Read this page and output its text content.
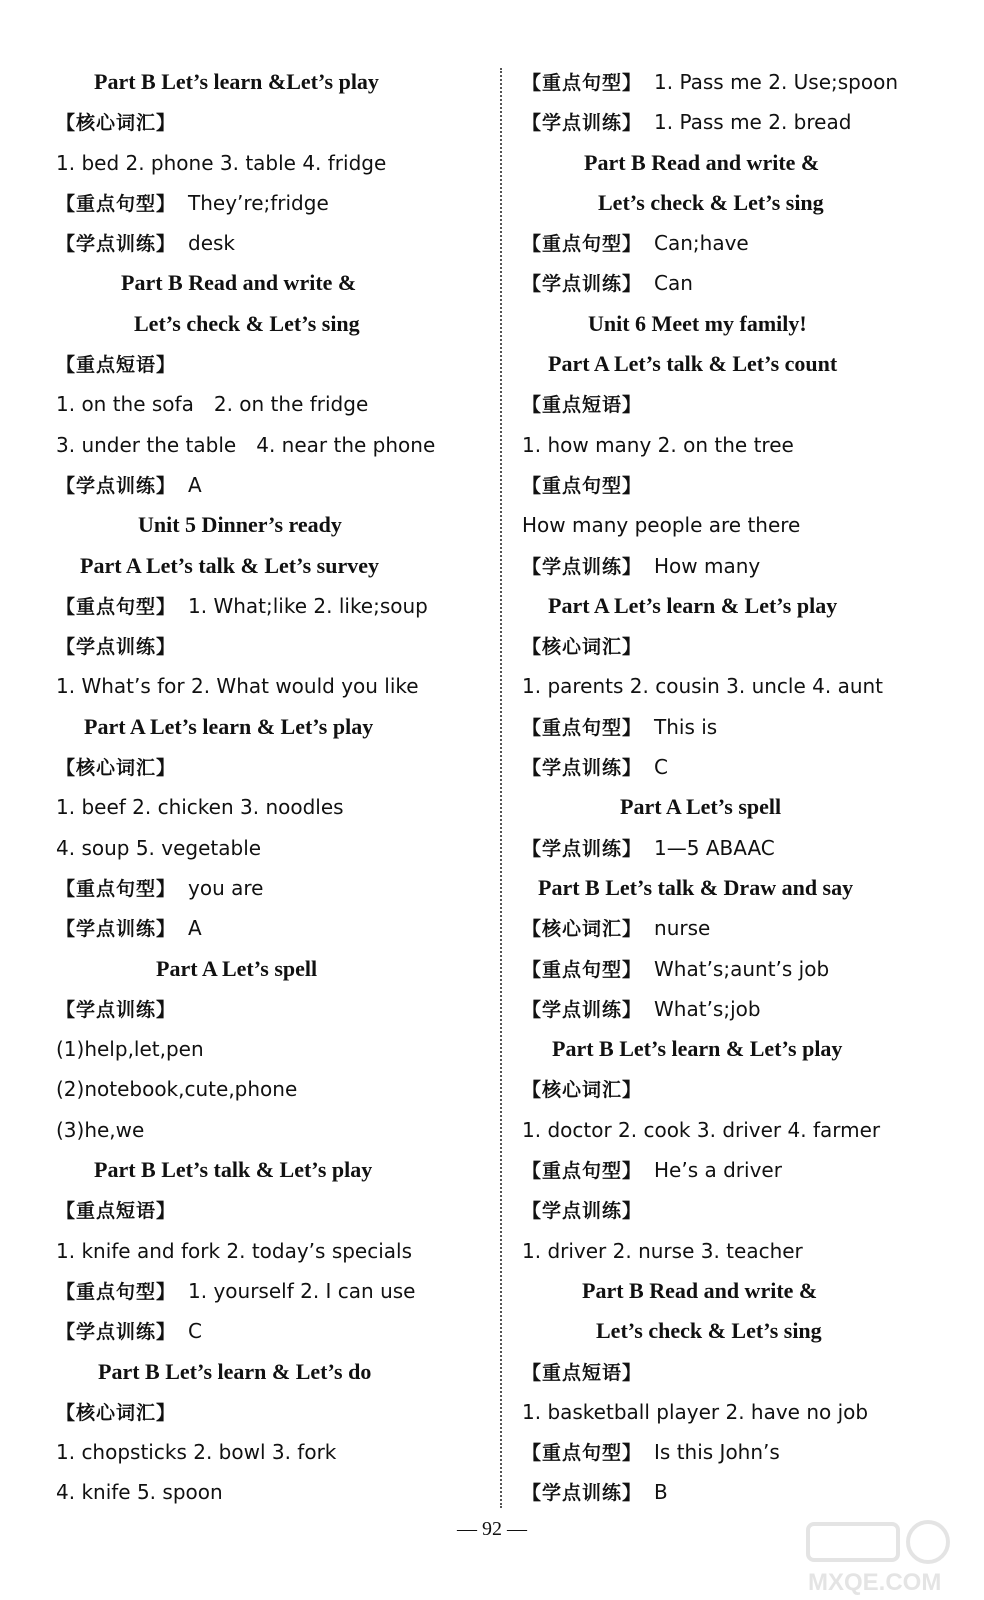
Part B Let’s learn &Let’s play
【核心词汇】
1. bed 2. phone 3. table 4. fridge
【重点句型】 They’re;fridge
【学点训练】 desk
Part B Read and write &
Let’s check & Let’s sing
【重点短语】
1. on the sofa 2. on the fridge
3. under the table 4. near the phone
【学点训练】 A
Unit 5 Dinner’s ready
Part A Let’s talk & Let’s survey
【重点句型】 1. What;like 2. like;soup
【学点训练】
1. What’s for 2. What would you like
Part A Let’s learn & Let’s play
【核心词汇】
1. beef 2. chicken 3. noodles
4. soup 5. vegetable
【重点句型】 you are
【学点训练】 A
Part A Let’s spell
【学点训练】
(1)help,let,pen
(2)notebook,cute,phone
(3)he,we
Part B Let’s talk & Let’s play
【重点短语】
1. knife and fork 2. today’s specials
【重点句型】 1. yourself 2. I can use
【学点训练】 C
Part B Let’s learn & Let’s do
【核心词汇】
1. chopsticks 2. bowl 3. fork
4. knife 5. spoon
【重点句型】 1. Pass me 2. Use;spoon
【学点训练】 1. Pass me 2. bread
Part B Read and write &
Let’s check & Let’s sing
【重点句型】 Can;have
【学点训练】 Can
Unit 6 Meet my family!
Part A Let’s talk & Let’s count
【重点短语】
1. how many 2. on the tree
【重点句型】
How many people are there
【学点训练】 How many
Part A Let’s learn & Let’s play
【核心词汇】
1. parents 2. cousin 3. uncle 4. aunt
【重点句型】 This is
【学点训练】 C
Part A Let’s spell
【学点训练】 1—5 ABAAC
Part B Let’s talk & Draw and say
【核心词汇】 nurse
【重点句型】 What’s;aunt’s job
【学点训练】 What’s;job
Part B Let’s learn & Let’s play
【核心词汇】
1. doctor 2. cook 3. driver 4. farmer
【重点句型】 He’s a driver
【学点训练】
1. driver 2. nurse 3. teacher
Part B Read and write &
Let’s check & Let’s sing
【重点短语】
1. basketball player 2. have no job
【重点句型】 Is this John’s
【学点训练】 B
— 92 —
MXQE.COM
